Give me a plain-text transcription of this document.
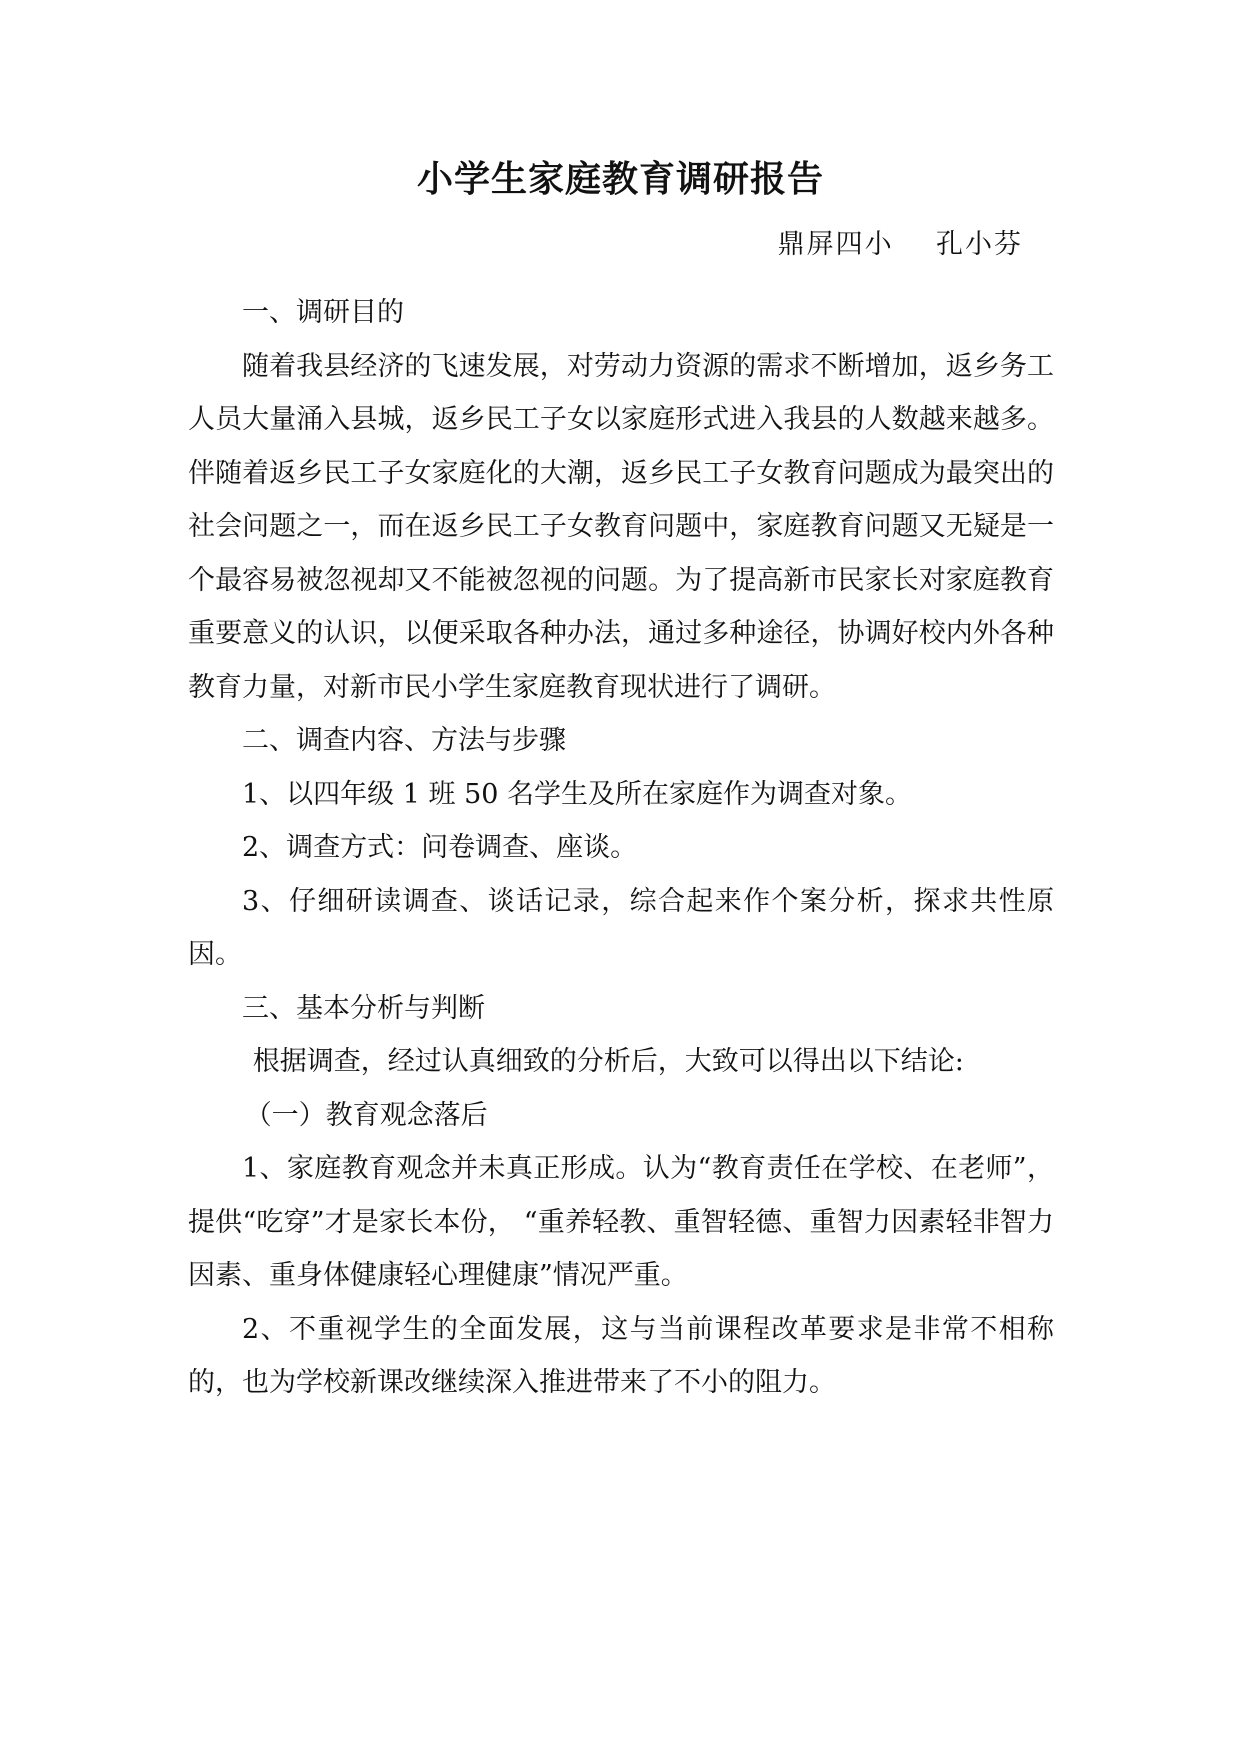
小学生家庭教育调研报告
鼎屏四小    孔小芬

一、调研目的

随着我县经济的飞速发展，对劳动力资源的需求不断增加，返乡务工人员大量涌入县城，返乡民工子女以家庭形式进入我县的人数越来越多。伴随着返乡民工子女家庭化的大潮，返乡民工子女教育问题成为最突出的社会问题之一，而在返乡民工子女教育问题中，家庭教育问题又无疑是一个最容易被忽视却又不能被忽视的问题。为了提高新市民家长对家庭教育重要意义的认识，以便采取各种办法，通过多种途径，协调好校内外各种教育力量，对新市民小学生家庭教育现状进行了调研。

二、调查内容、方法与步骤

1、以四年级 1 班 50 名学生及所在家庭作为调查对象。

2、调查方式：问卷调查、座谈。

3、仔细研读调查、谈话记录，综合起来作个案分析，探求共性原因。

三、基本分析与判断

根据调查，经过认真细致的分析后，大致可以得出以下结论:

（一）教育观念落后

1、家庭教育观念并未真正形成。认为“教育责任在学校、在老师”，提供“吃穿”才是家长本份， “重养轻教、重智轻德、重智力因素轻非智力因素、重身体健康轻心理健康”情况严重。

2、不重视学生的全面发展，这与当前课程改革要求是非常不相称的，也为学校新课改继续深入推进带来了不小的阻力。
